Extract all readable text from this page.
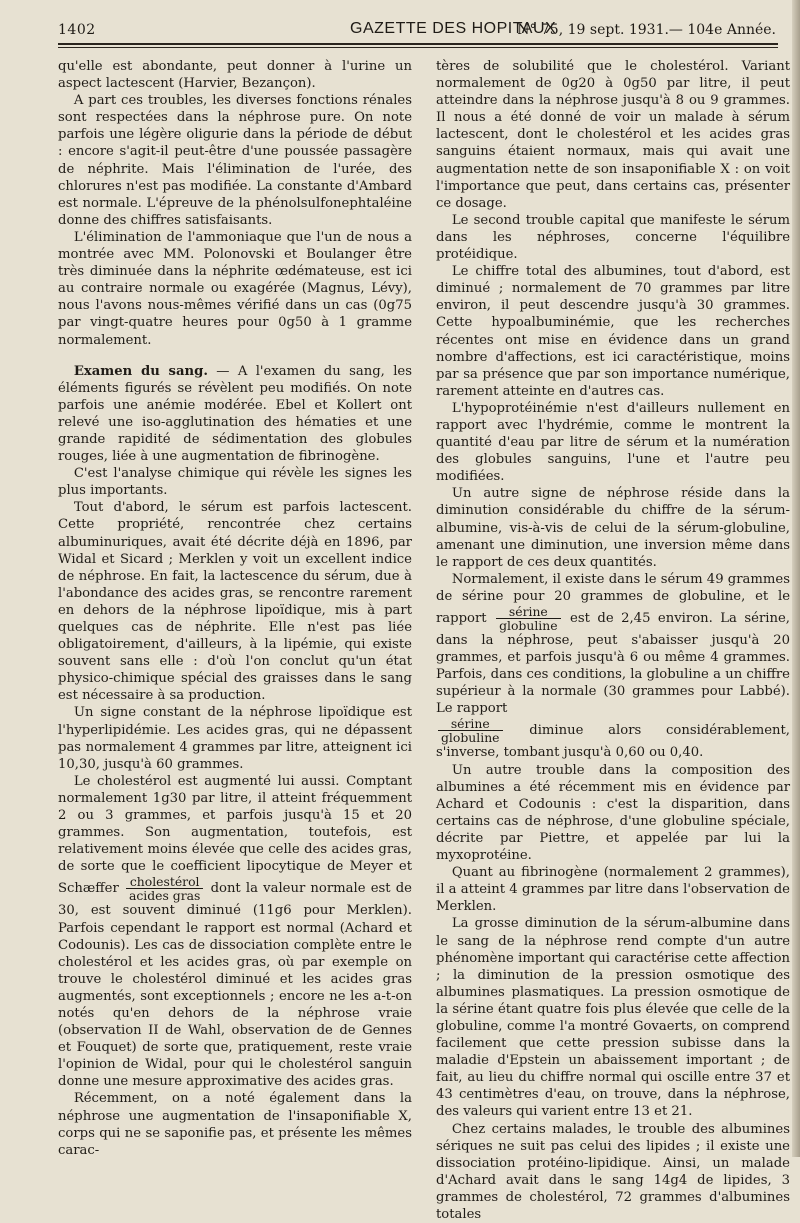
1402	GAZETTE DES HOPITAUX
N° 75, 19 sept. 1931.— 104e Année.

qu'elle est abondante, peut donner à l'urine un aspect lactescent (Harvier, Bezançon).

A part ces troubles, les diverses fonctions rénales sont respectées dans la néphrose pure. On note parfois une légère oligurie dans la période de début : encore s'agit-il peut-être d'une poussée passagère de néphrite. Mais l'élimination de l'urée, des chlorures n'est pas modifiée. La constante d'Ambard est normale. L'épreuve de la phénolsulfonephtaléine donne des chiffres satisfaisants.

L'élimination de l'ammoniaque que l'un de nous a montrée avec MM. Polonovski et Boulanger être très diminuée dans la néphrite œdémateuse, est ici au contraire normale ou exagérée (Magnus, Lévy), nous l'avons nous-mêmes vérifié dans un cas (0g75 par vingt-quatre heures pour 0g50 à 1 gramme normalement.

Examen du sang. — A l'examen du sang, les éléments figurés se révèlent peu modifiés. On note parfois une anémie modérée. Ebel et Kollert ont relevé une iso-agglutination des hématies et une grande rapidité de sédimentation des globules rouges, liée à une augmentation de fibrinogène.

C'est l'analyse chimique qui révèle les signes les plus importants.

Tout d'abord, le sérum est parfois lactescent. Cette propriété, rencontrée chez certains albuminuriques, avait été décrite déjà en 1896, par Widal et Sicard ; Merklen y voit un excellent indice de néphrose. En fait, la lactescence du sérum, due à l'abondance des acides gras, se rencontre rarement en dehors de la néphrose lipoïdique, mis à part quelques cas de néphrite. Elle n'est pas liée obligatoirement, d'ailleurs, à la lipémie, qui existe souvent sans elle : d'où l'on conclut qu'un état physico-chimique spécial des graisses dans le sang est nécessaire à sa production.

Un signe constant de la néphrose lipoïdique est l'hyperlipidémie. Les acides gras, qui ne dépassent pas normalement 4 grammes par litre, atteignent ici 10,30, jusqu'à 60 grammes.

Le cholestérol est augmenté lui aussi. Comptant normalement 1g30 par litre, il atteint fréquemment 2 ou 3 grammes, et parfois jusqu'à 15 et 20 grammes. Son augmentation, toutefois, est relativement moins élevée que celle des acides gras, de sorte que le coefficient lipocytique de Meyer et Schæffer $\frac{\text{cholestérol}}{\text{acides gras}}$ dont la valeur normale est de 30, est souvent diminué (11g6 pour Merklen). Parfois cependant le rapport est normal (Achard et Codounis). Les cas de dissociation complète entre le cholestérol et les acides gras, où par exemple on trouve le cholestérol diminué et les acides gras augmentés, sont exceptionnels ; encore ne les a-t-on notés qu'en dehors de la néphrose vraie (observation II de Wahl, observation de de Gennes et Fouquet) de sorte que, pratiquement, reste vraie l'opinion de Widal, pour qui le cholestérol sanguin donne une mesure approximative des acides gras.

Récemment, on a noté également dans la néphrose une augmentation de l'insaponifiable X, corps qui ne se saponifie pas, et présente les mêmes carac-

tères de solubilité que le cholestérol. Variant normalement de 0g20 à 0g50 par litre, il peut atteindre dans la néphrose jusqu'à 8 ou 9 grammes. Il nous a été donné de voir un malade à sérum lactescent, dont le cholestérol et les acides gras sanguins étaient normaux, mais qui avait une augmentation nette de son insaponifiable X : on voit l'importance que peut, dans certains cas, présenter ce dosage.

Le second trouble capital que manifeste le sérum dans les néphroses, concerne l'équilibre protéidique.

Le chiffre total des albumines, tout d'abord, est diminué ; normalement de 70 grammes par litre environ, il peut descendre jusqu'à 30 grammes. Cette hypoalbuminémie, que les recherches récentes ont mise en évidence dans un grand nombre d'affections, est ici caractéristique, moins par sa présence que par son importance numérique, rarement atteinte en d'autres cas.

L'hypoprotéinémie n'est d'ailleurs nullement en rapport avec l'hydrémie, comme le montrent la quantité d'eau par litre de sérum et la numération des globules sanguins, l'une et l'autre peu modifiées.

Un autre signe de néphrose réside dans la diminution considérable du chiffre de la sérum-albumine, vis-à-vis de celui de la sérum-globuline, amenant une diminution, une inversion même dans le rapport de ces deux quantités.

Normalement, il existe dans le sérum 49 grammes de sérine pour 20 grammes de globuline, et le rapport $\frac{\text{sérine}}{\text{globuline}}$ est de 2,45 environ. La sérine, dans la néphrose, peut s'abaisser jusqu'à 20 grammes, et parfois jusqu'à 6 ou même 4 grammes. Parfois, dans ces conditions, la globuline a un chiffre supérieur à la normale (30 grammes pour Labbé). Le rapport

$\frac{\text{sérine}}{\text{globuline}}$ diminue alors considérablement, s'inverse, tombant jusqu'à 0,60 ou 0,40.

Un autre trouble dans la composition des albumines a été récemment mis en évidence par Achard et Codounis : c'est la disparition, dans certains cas de néphrose, d'une globuline spéciale, décrite par Piettre, et appelée par lui la myxoprotéine.

Quant au fibrinogène (normalement 2 grammes), il a atteint 4 grammes par litre dans l'observation de Merklen.

La grosse diminution de la sérum-albumine dans le sang de la néphrose rend compte d'un autre phénomène important qui caractérise cette affection ; la diminution de la pression osmotique des albumines plasmatiques. La pression osmotique de la sérine étant quatre fois plus élevée que celle de la globuline, comme l'a montré Govaerts, on comprend facilement que cette pression subisse dans la maladie d'Epstein un abaissement important ; de fait, au lieu du chiffre normal qui oscille entre 37 et 43 centimètres d'eau, on trouve, dans la néphrose, des valeurs qui varient entre 13 et 21.

Chez certains malades, le trouble des albumines sériques ne suit pas celui des lipides ; il existe une dissociation protéino-lipidique. Ainsi, un malade d'Achard avait dans le sang 14g4 de lipides, 3 grammes de cholestérol, 72 grammes d'albumines totales
